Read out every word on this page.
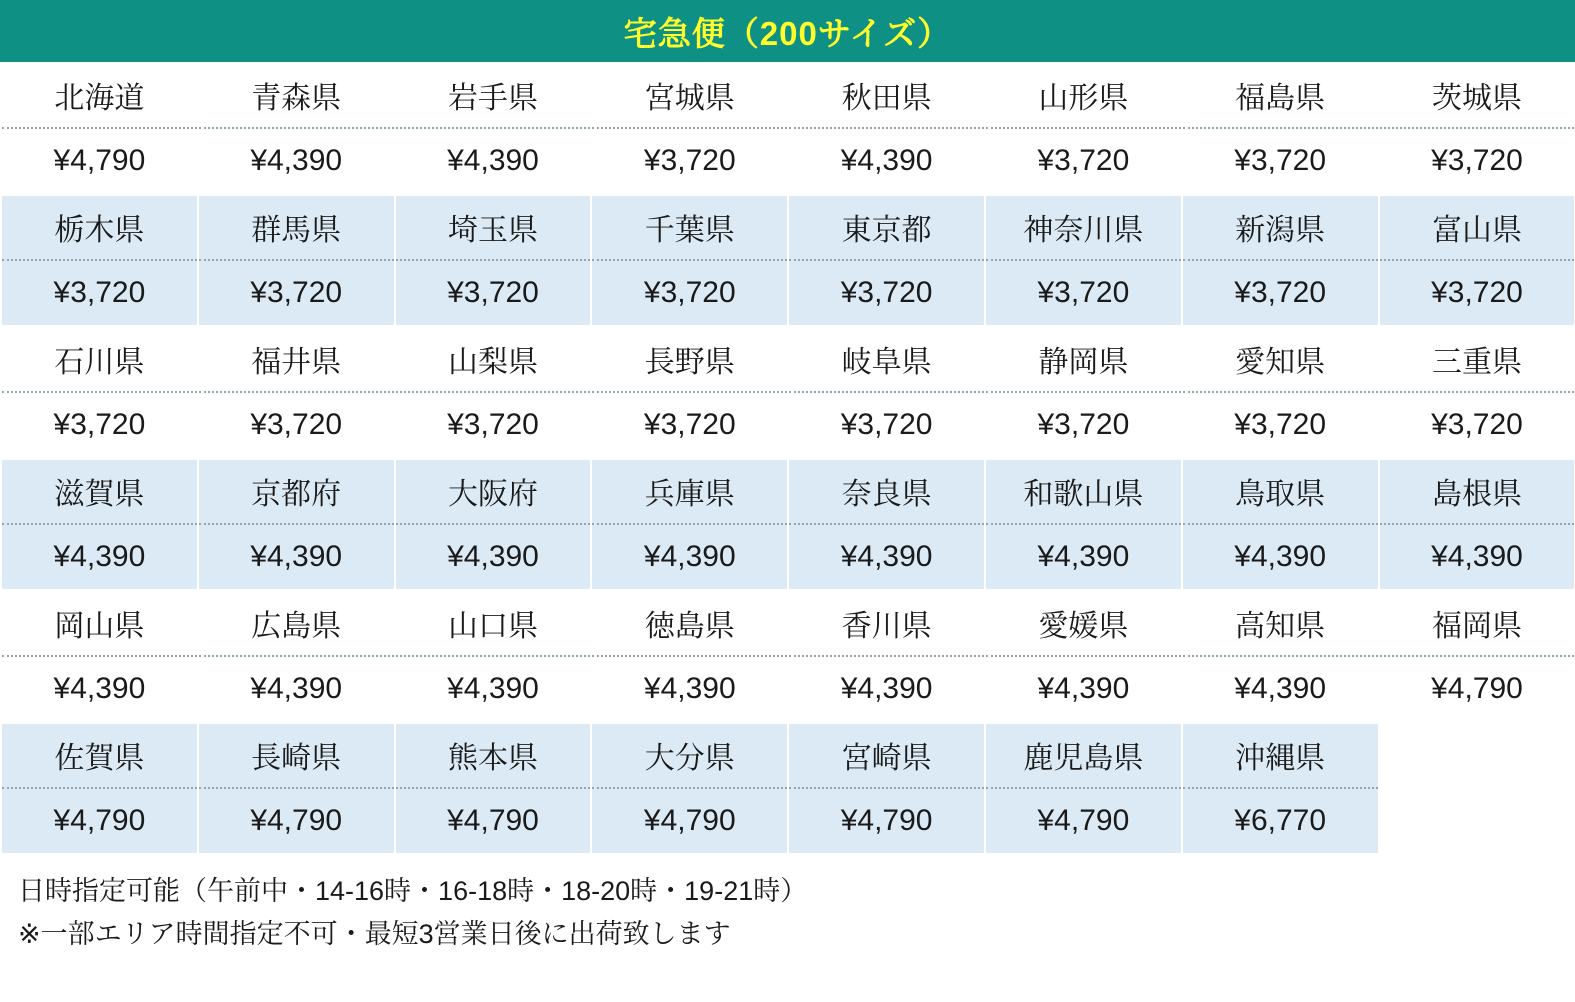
宅急便（200サイズ）
北海道	青森県	岩手県	宮城県	秋田県	山形県	福島県	茨城県
¥4,790	¥4,390	¥4,390	¥3,720	¥4,390	¥3,720	¥3,720	¥3,720
栃木県	群馬県	埼玉県	千葉県	東京都	神奈川県	新潟県	富山県
¥3,720	¥3,720	¥3,720	¥3,720	¥3,720	¥3,720	¥3,720	¥3,720
石川県	福井県	山梨県	長野県	岐阜県	静岡県	愛知県	三重県
¥3,720	¥3,720	¥3,720	¥3,720	¥3,720	¥3,720	¥3,720	¥3,720
滋賀県	京都府	大阪府	兵庫県	奈良県	和歌山県	鳥取県	島根県
¥4,390	¥4,390	¥4,390	¥4,390	¥4,390	¥4,390	¥4,390	¥4,390
岡山県	広島県	山口県	徳島県	香川県	愛媛県	高知県	福岡県
¥4,390	¥4,390	¥4,390	¥4,390	¥4,390	¥4,390	¥4,390	¥4,790
佐賀県	長崎県	熊本県	大分県	宮崎県	鹿児島県	沖縄県	
¥4,790	¥4,790	¥4,790	¥4,790	¥4,790	¥4,790	¥6,770	
日時指定可能（午前中・14-16時・16-18時・18-20時・19-21時）
※一部エリア時間指定不可・最短3営業日後に出荷致します
